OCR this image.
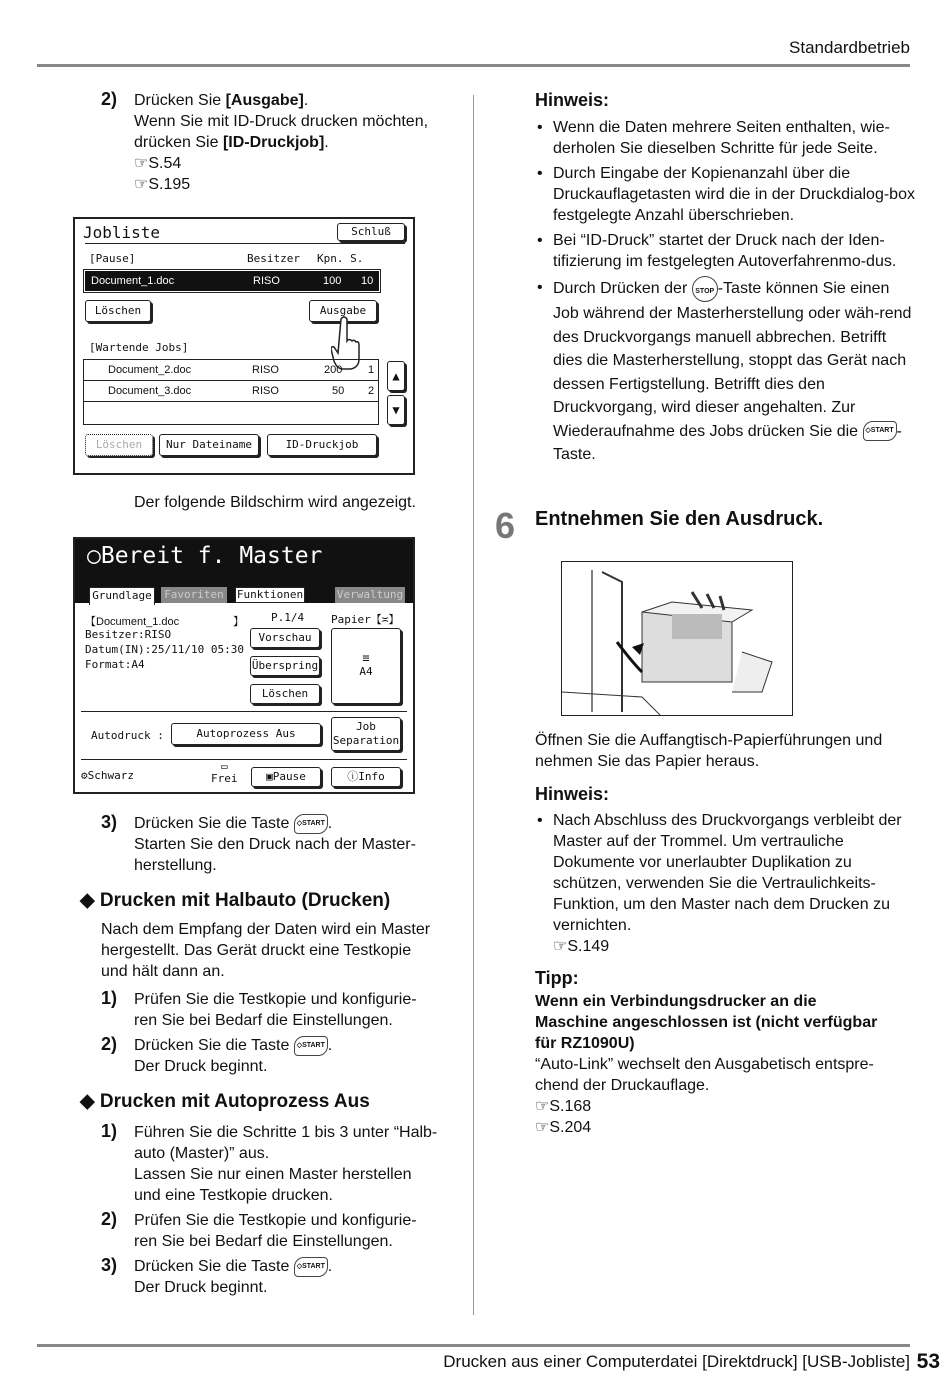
Standardbetrieb
2) Drücken Sie [Ausgabe].
Wenn Sie mit ID-Druck drucken möchten,
drücken Sie [ID-Druckjob].
☞S.54
☞S.195
Jobliste	Schluß
[Pause]	Besitzer Kpn. S.
Document_1.doc	RISO	100 10
Löschen	Ausgabe
[Wartende Jobs]
Document_2.doc	RISO	200 1
Document_3.doc	RISO	50 2
▲
▼
Löschen	Nur Dateiname	ID-Druckjob
Der folgende Bildschirm wird angezeigt.
○Bereit f. Master
Grundlage Favoriten Funktionen	Verwaltung
【Document_1.doc	】
Besitzer:RISO
Datum(IN):25/11/10 05:30
Format:A4
P.1/4 Papier【≍】
Vorschau
Überspring
Löschen
≡
A4
Autodruck :	Autoprozess Aus
Job
Separation
⚙Schwarz
▭
Frei	▣Pause	ⓘInfo
3) Drücken Sie die Taste ◇START .
Starten Sie den Druck nach der Master-
herstellung.
◆ Drucken mit Halbauto (Drucken)
Nach dem Empfang der Daten wird ein Master
hergestellt. Das Gerät druckt eine Testkopie
und hält dann an.
1) Prüfen Sie die Testkopie und konfigurie-
ren Sie bei Bedarf die Einstellungen.
2) Drücken Sie die Taste ◇START .
Der Druck beginnt.
◆ Drucken mit Autoprozess Aus
1) Führen Sie die Schritte 1 bis 3 unter “Halb-
auto (Master)” aus.
Lassen Sie nur einen Master herstellen
und eine Testkopie drucken.
2) Prüfen Sie die Testkopie und konfigurie-
ren Sie bei Bedarf die Einstellungen.
3) Drücken Sie die Taste ◇START .
Der Druck beginnt.
Hinweis:
• Wenn die Daten mehrere Seiten enthalten, wie-derholen Sie dieselben Schritte für jede Seite.
• Durch Eingabe der Kopienanzahl über die Druckauflagetasten wird die in der Druckdialog-box festgelegte Anzahl überschrieben.
• Bei “ID-Druck” startet der Druck nach der Iden-tifizierung im festgelegten Autoverfahrenmo-dus.
• Durch Drücken der STOP -Taste können Sie einen Job während der Masterherstellung oder wäh-rend des Druckvorgangs manuell abbrechen. Betrifft dies die Masterherstellung, stoppt das Gerät nach dessen Fertigstellung. Betrifft dies den Druckvorgang, wird dieser angehalten. Zur Wiederaufnahme des Jobs drücken Sie die ◇START -Taste.
6 Entnehmen Sie den Ausdruck.
Öffnen Sie die Auffangtisch-Papierführungen und
nehmen Sie das Papier heraus.
Hinweis:
• Nach Abschluss des Druckvorgangs verbleibt der Master auf der Trommel. Um vertrauliche Dokumente vor unerlaubter Duplikation zu schützen, verwenden Sie die Vertraulichkeits-Funktion, um den Master nach dem Drucken zu vernichten.
☞S.149
Tipp:
Wenn ein Verbindungsdrucker an die
Maschine angeschlossen ist (nicht verfügbar
für RZ1090U)
“Auto-Link” wechselt den Ausgabetisch entspre-
chend der Druckauflage.
☞S.168
☞S.204
Drucken aus einer Computerdatei [Direktdruck] [USB-Jobliste] 53
